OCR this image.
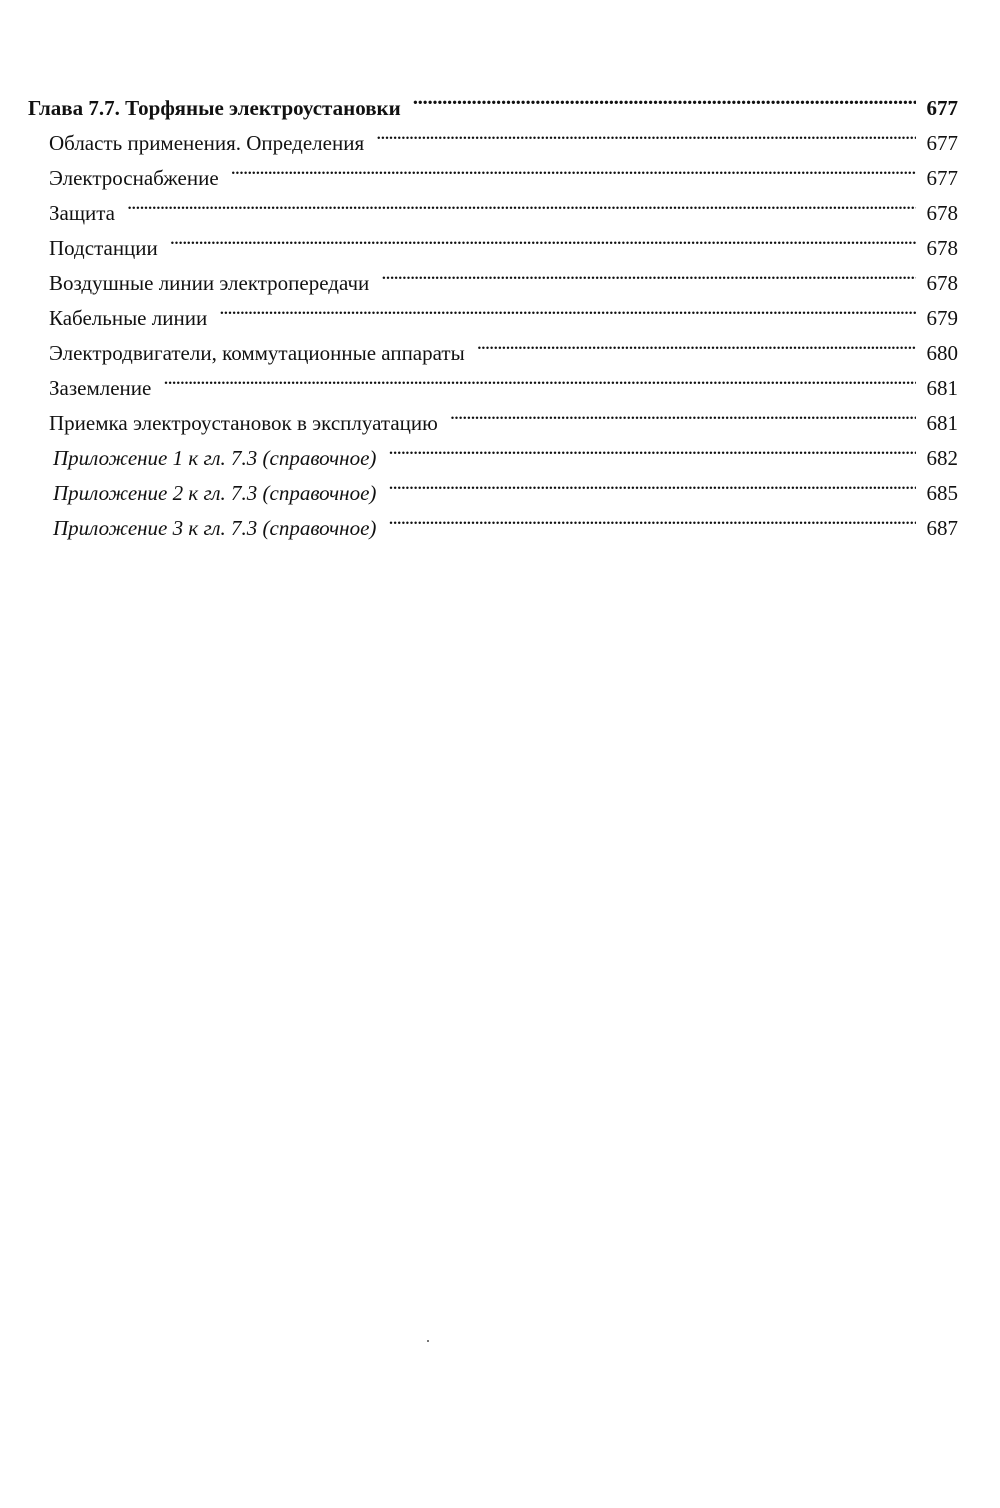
Глава 7.7. Торфяные электроустановки . . .	677
Область применения. Определения . . .	677
Электроснабжение . . .	677
Защита . . .	678
Подстанции . . .	678
Воздушные линии электропередачи . . .	678
Кабельные линии . . .	679
Электродвигатели, коммутационные аппараты . . .	680
Заземление . . .	681
Приемка электроустановок в эксплуатацию . . .	681
Приложение 1 к гл. 7.3 (справочное) . . .	682
Приложение 2 к гл. 7.3 (справочное) . . .	685
Приложение 3 к гл. 7.3 (справочное) . . .	687
